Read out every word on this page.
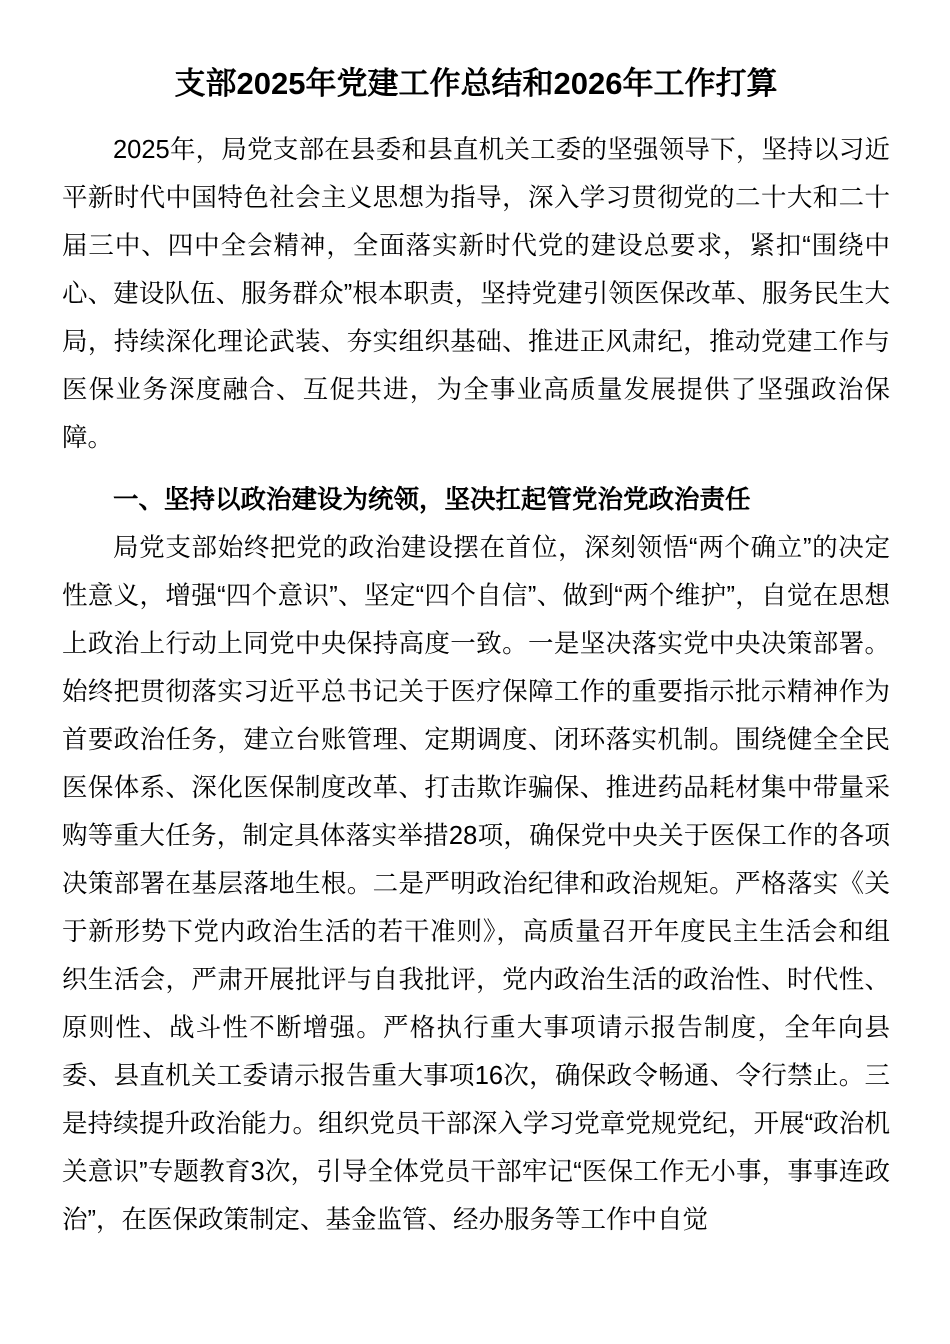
支部2025年党建工作总结和2026年工作打算

2025年，局党支部在县委和县直机关工委的坚强领导下，坚持以习近平新时代中国特色社会主义思想为指导，深入学习贯彻党的二十大和二十届三中、四中全会精神，全面落实新时代党的建设总要求，紧扣“围绕中心、建设队伍、服务群众”根本职责，坚持党建引领医保改革、服务民生大局，持续深化理论武装、夯实组织基础、推进正风肃纪，推动党建工作与医保业务深度融合、互促共进，为全事业高质量发展提供了坚强政治保障。

一、坚持以政治建设为统领，坚决扛起管党治党政治责任

局党支部始终把党的政治建设摆在首位，深刻领悟“两个确立”的决定性意义，增强“四个意识”、坚定“四个自信”、做到“两个维护”，自觉在思想上政治上行动上同党中央保持高度一致。一是坚决落实党中央决策部署。始终把贯彻落实习近平总书记关于医疗保障工作的重要指示批示精神作为首要政治任务，建立台账管理、定期调度、闭环落实机制。围绕健全全民医保体系、深化医保制度改革、打击欺诈骗保、推进药品耗材集中带量采购等重大任务，制定具体落实举措28项，确保党中央关于医保工作的各项决策部署在基层落地生根。二是严明政治纪律和政治规矩。严格落实《关于新形势下党内政治生活的若干准则》，高质量召开年度民主生活会和组织生活会，严肃开展批评与自我批评，党内政治生活的政治性、时代性、原则性、战斗性不断增强。严格执行重大事项请示报告制度，全年向县委、县直机关工委请示报告重大事项16次，确保政令畅通、令行禁止。三是持续提升政治能力。组织党员干部深入学习党章党规党纪，开展“政治机关意识”专题教育3次，引导全体党员干部牢记“医保工作无小事，事事连政治”，在医保政策制定、基金监管、经办服务等工作中自觉
